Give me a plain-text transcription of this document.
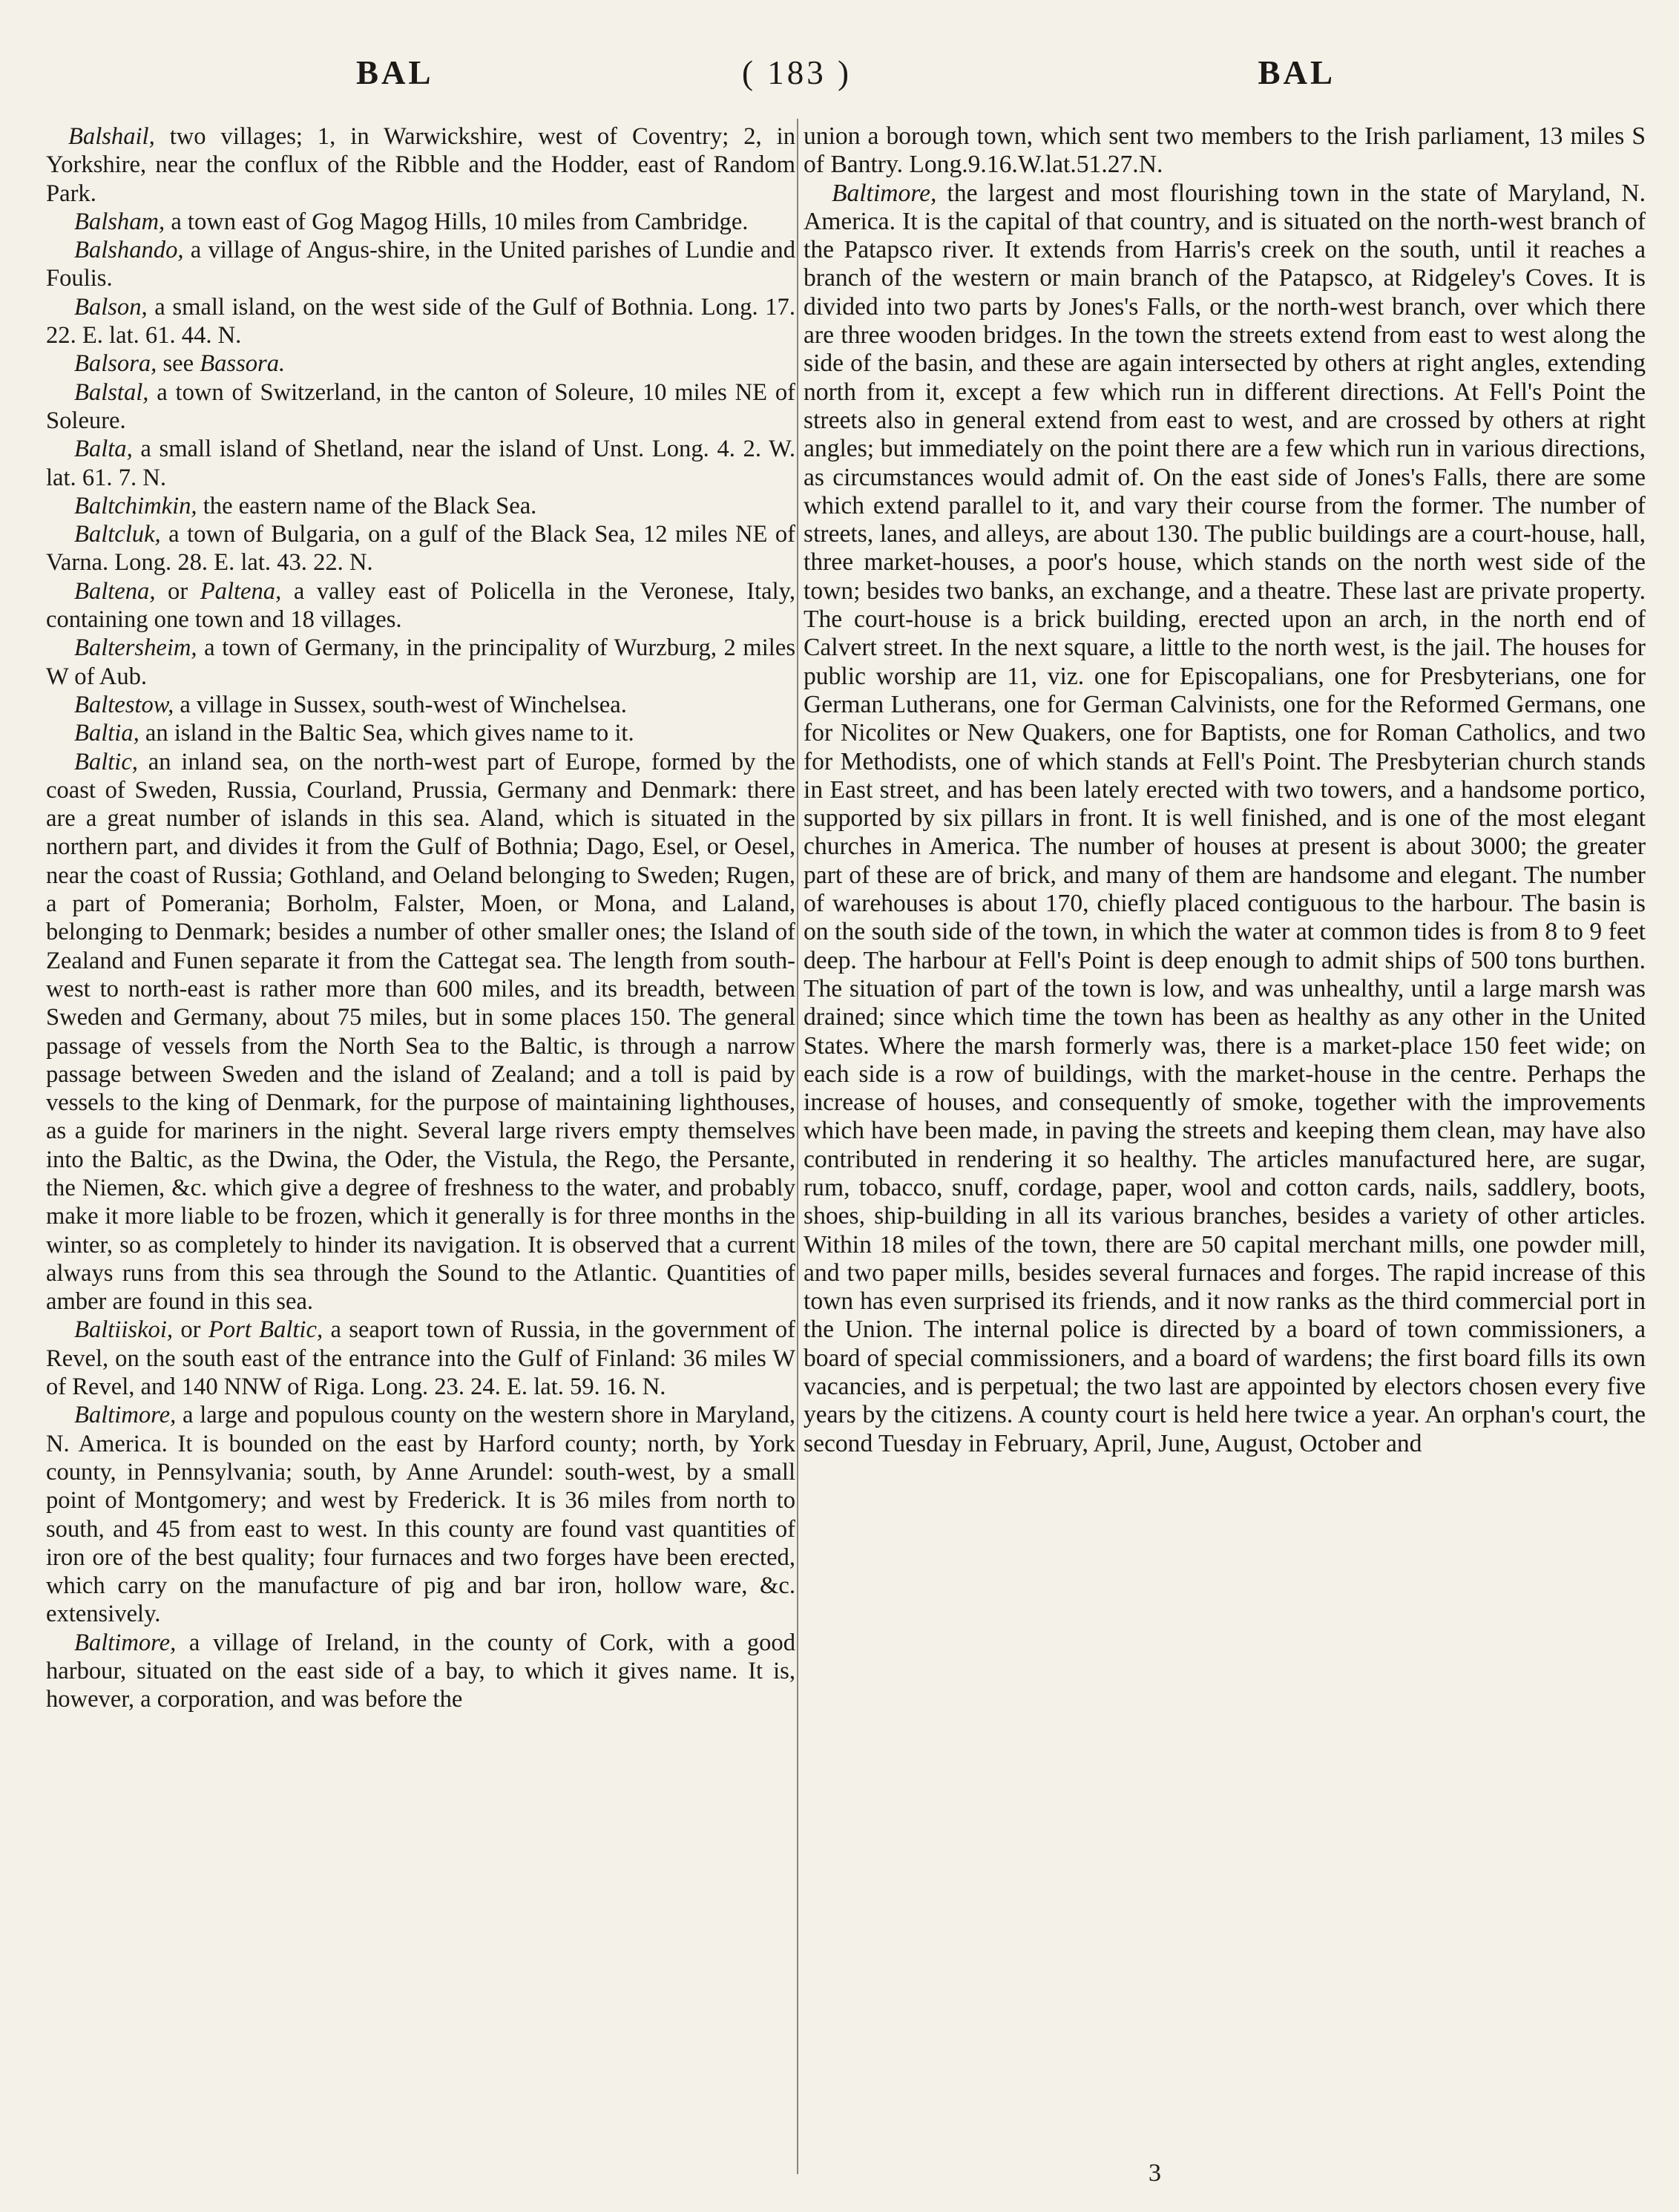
BAL	( 183 )	BAL

Balshail, two villages; 1, in Warwickshire, west of Coventry; 2, in Yorkshire, near the conflux of the Ribble and the Hodder, east of Random Park.

Balsham, a town east of Gog Magog Hills, 10 miles from Cambridge.

Balshando, a village of Angus-shire, in the United parishes of Lundie and Foulis.

Balson, a small island, on the west side of the Gulf of Bothnia. Long. 17. 22. E. lat. 61. 44. N.

Balsora, see Bassora.

Balstal, a town of Switzerland, in the canton of Soleure, 10 miles NE of Soleure.

Balta, a small island of Shetland, near the island of Unst. Long. 4. 2. W. lat. 61. 7. N.

Baltchimkin, the eastern name of the Black Sea.

Baltcluk, a town of Bulgaria, on a gulf of the Black Sea, 12 miles NE of Varna. Long. 28. E. lat. 43. 22. N.

Baltena, or Paltena, a valley east of Policella in the Veronese, Italy, containing one town and 18 villages.

Baltersheim, a town of Germany, in the principality of Wurzburg, 2 miles W of Aub.

Baltestow, a village in Sussex, south-west of Winchelsea.

Baltia, an island in the Baltic Sea, which gives name to it.

Baltic, an inland sea, on the north-west part of Europe, formed by the coast of Sweden, Russia, Courland, Prussia, Germany and Denmark: there are a great number of islands in this sea. Aland, which is situated in the northern part, and divides it from the Gulf of Bothnia; Dago, Esel, or Oesel, near the coast of Russia; Gothland, and Oeland belonging to Sweden; Rugen, a part of Pomerania; Borholm, Falster, Moen, or Mona, and Laland, belonging to Denmark; besides a number of other smaller ones; the Island of Zealand and Funen separate it from the Cattegat sea. The length from south-west to north-east is rather more than 600 miles, and its breadth, between Sweden and Germany, about 75 miles, but in some places 150. The general passage of vessels from the North Sea to the Baltic, is through a narrow passage between Sweden and the island of Zealand; and a toll is paid by vessels to the king of Denmark, for the purpose of maintaining lighthouses, as a guide for mariners in the night. Several large rivers empty themselves into the Baltic, as the Dwina, the Oder, the Vistula, the Rego, the Persante, the Niemen, &c. which give a degree of freshness to the water, and probably make it more liable to be frozen, which it generally is for three months in the winter, so as completely to hinder its navigation. It is observed that a current always runs from this sea through the Sound to the Atlantic. Quantities of amber are found in this sea.

Baltiiskoi, or Port Baltic, a seaport town of Russia, in the government of Revel, on the south east of the entrance into the Gulf of Finland: 36 miles W of Revel, and 140 NNW of Riga. Long. 23. 24. E. lat. 59. 16. N.

Baltimore, a large and populous county on the western shore in Maryland, N. America. It is bounded on the east by Harford county; north, by York county, in Pennsylvania; south, by Anne Arundel: south-west, by a small point of Montgomery; and west by Frederick. It is 36 miles from north to south, and 45 from east to west. In this county are found vast quantities of iron ore of the best quality; four furnaces and two forges have been erected, which carry on the manufacture of pig and bar iron, hollow ware, &c. extensively.

Baltimore, a village of Ireland, in the county of Cork, with a good harbour, situated on the east side of a bay, to which it gives name. It is, however, a corporation, and was before the

union a borough town, which sent two members to the Irish parliament, 13 miles S of Bantry. Long.9.16.W.lat.51.27.N.

Baltimore, the largest and most flourishing town in the state of Maryland, N. America. It is the capital of that country, and is situated on the north-west branch of the Patapsco river. It extends from Harris's creek on the south, until it reaches a branch of the western or main branch of the Patapsco, at Ridgeley's Coves. It is divided into two parts by Jones's Falls, or the north-west branch, over which there are three wooden bridges. In the town the streets extend from east to west along the side of the basin, and these are again intersected by others at right angles, extending north from it, except a few which run in different directions. At Fell's Point the streets also in general extend from east to west, and are crossed by others at right angles; but immediately on the point there are a few which run in various directions, as circumstances would admit of. On the east side of Jones's Falls, there are some which extend parallel to it, and vary their course from the former. The number of streets, lanes, and alleys, are about 130. The public buildings are a court-house, hall, three market-houses, a poor's house, which stands on the north west side of the town; besides two banks, an exchange, and a theatre. These last are private property. The court-house is a brick building, erected upon an arch, in the north end of Calvert street. In the next square, a little to the north west, is the jail. The houses for public worship are 11, viz. one for Episcopalians, one for Presbyterians, one for German Lutherans, one for German Calvinists, one for the Reformed Germans, one for Nicolites or New Quakers, one for Baptists, one for Roman Catholics, and two for Methodists, one of which stands at Fell's Point. The Presbyterian church stands in East street, and has been lately erected with two towers, and a handsome portico, supported by six pillars in front. It is well finished, and is one of the most elegant churches in America. The number of houses at present is about 3000; the greater part of these are of brick, and many of them are handsome and elegant. The number of warehouses is about 170, chiefly placed contiguous to the harbour. The basin is on the south side of the town, in which the water at common tides is from 8 to 9 feet deep. The harbour at Fell's Point is deep enough to admit ships of 500 tons burthen. The situation of part of the town is low, and was unhealthy, until a large marsh was drained; since which time the town has been as healthy as any other in the United States. Where the marsh formerly was, there is a market-place 150 feet wide; on each side is a row of buildings, with the market-house in the centre. Perhaps the increase of houses, and consequently of smoke, together with the improvements which have been made, in paving the streets and keeping them clean, may have also contributed in rendering it so healthy. The articles manufactured here, are sugar, rum, tobacco, snuff, cordage, paper, wool and cotton cards, nails, saddlery, boots, shoes, ship-building in all its various branches, besides a variety of other articles. Within 18 miles of the town, there are 50 capital merchant mills, one powder mill, and two paper mills, besides several furnaces and forges. The rapid increase of this town has even surprised its friends, and it now ranks as the third commercial port in the Union. The internal police is directed by a board of town commissioners, a board of special commissioners, and a board of wardens; the first board fills its own vacancies, and is perpetual; the two last are appointed by electors chosen every five years by the citizens. A county court is held here twice a year. An orphan's court, the second Tuesday in February, April, June, August, October and

3
